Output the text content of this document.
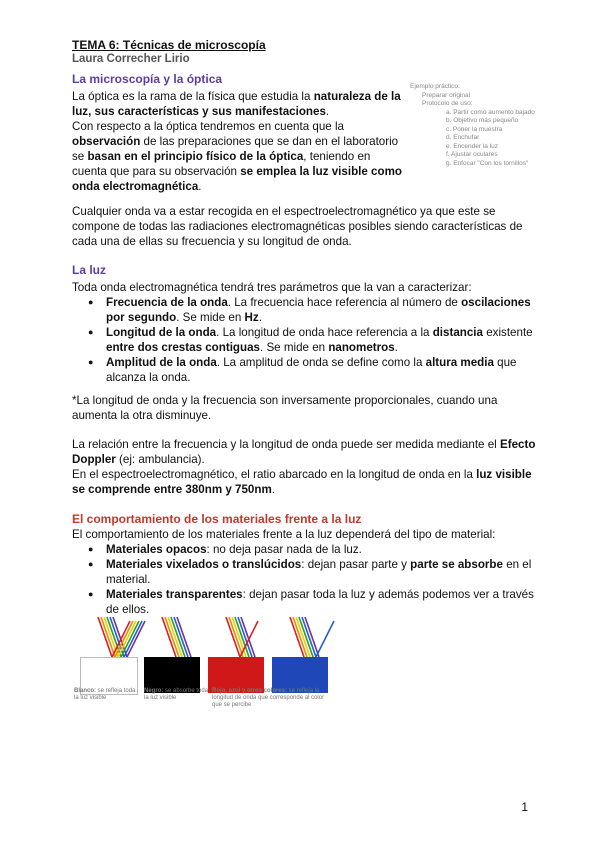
TEMA 6: Técnicas de microscopía
Laura Correcher Lirio
La microscopía y la óptica

La óptica es la rama de la física que estudia la naturaleza de la luz, sus características y sus manifestaciones.

Con respecto a la óptica tendremos en cuenta que la observación de las preparaciones que se dan en el laboratorio se basan en el principio físico de la óptica, teniendo en cuenta que para su observación se emplea la luz visible como onda electromagnética.

Ejemplo práctico:
Preparar original
Protocolo de uso:
a. Partir como aumento bajado
b. Objetivo más pequeño
c. Poner la muestra
d. Enchufar
e. Encender la luz
f. Ajustar oculares
g. Enfocar "Con los tornillos"

Cualquier onda va a estar recogida en el espectroelectromagnético ya que este se compone de todas las radiaciones electromagnéticas posibles siendo características de cada una de ellas su frecuencia y su longitud de onda.

La luz

Toda onda electromagnética tendrá tres parámetros que la van a caracterizar:

● Frecuencia de la onda. La frecuencia hace referencia al número de oscilaciones por segundo. Se mide en Hz.
● Longitud de la onda. La longitud de onda hace referencia a la distancia existente entre dos crestas contiguas. Se mide en nanometros.
● Amplitud de la onda. La amplitud de onda se define como la altura media que alcanza la onda.

*La longitud de onda y la frecuencia son inversamente proporcionales, cuando una aumenta la otra disminuye.

La relación entre la frecuencia y la longitud de onda puede ser medida mediante el Efecto Doppler (ej: ambulancia).

En el espectroelectromagnético, el ratio abarcado en la longitud de onda en la luz visible se comprende entre 380nm y 750nm.

El comportamiento de los materiales frente a la luz

El comportamiento de los materiales frente a la luz dependerá del tipo de material:

● Materiales opacos: no deja pasar nada de la luz.
● Materiales vixelados o translúcidos: dejan pasar parte y parte se absorbe en el material.
● Materiales transparentes: dejan pasar toda la luz y además podemos ver a través de ellos.
Blanco: se refleja toda la luz visible
Negro: se absorbe toda la luz visible
Rojo, azul y otros colores: se refleja la longitud de onda que corresponde al color que se percibe
1
